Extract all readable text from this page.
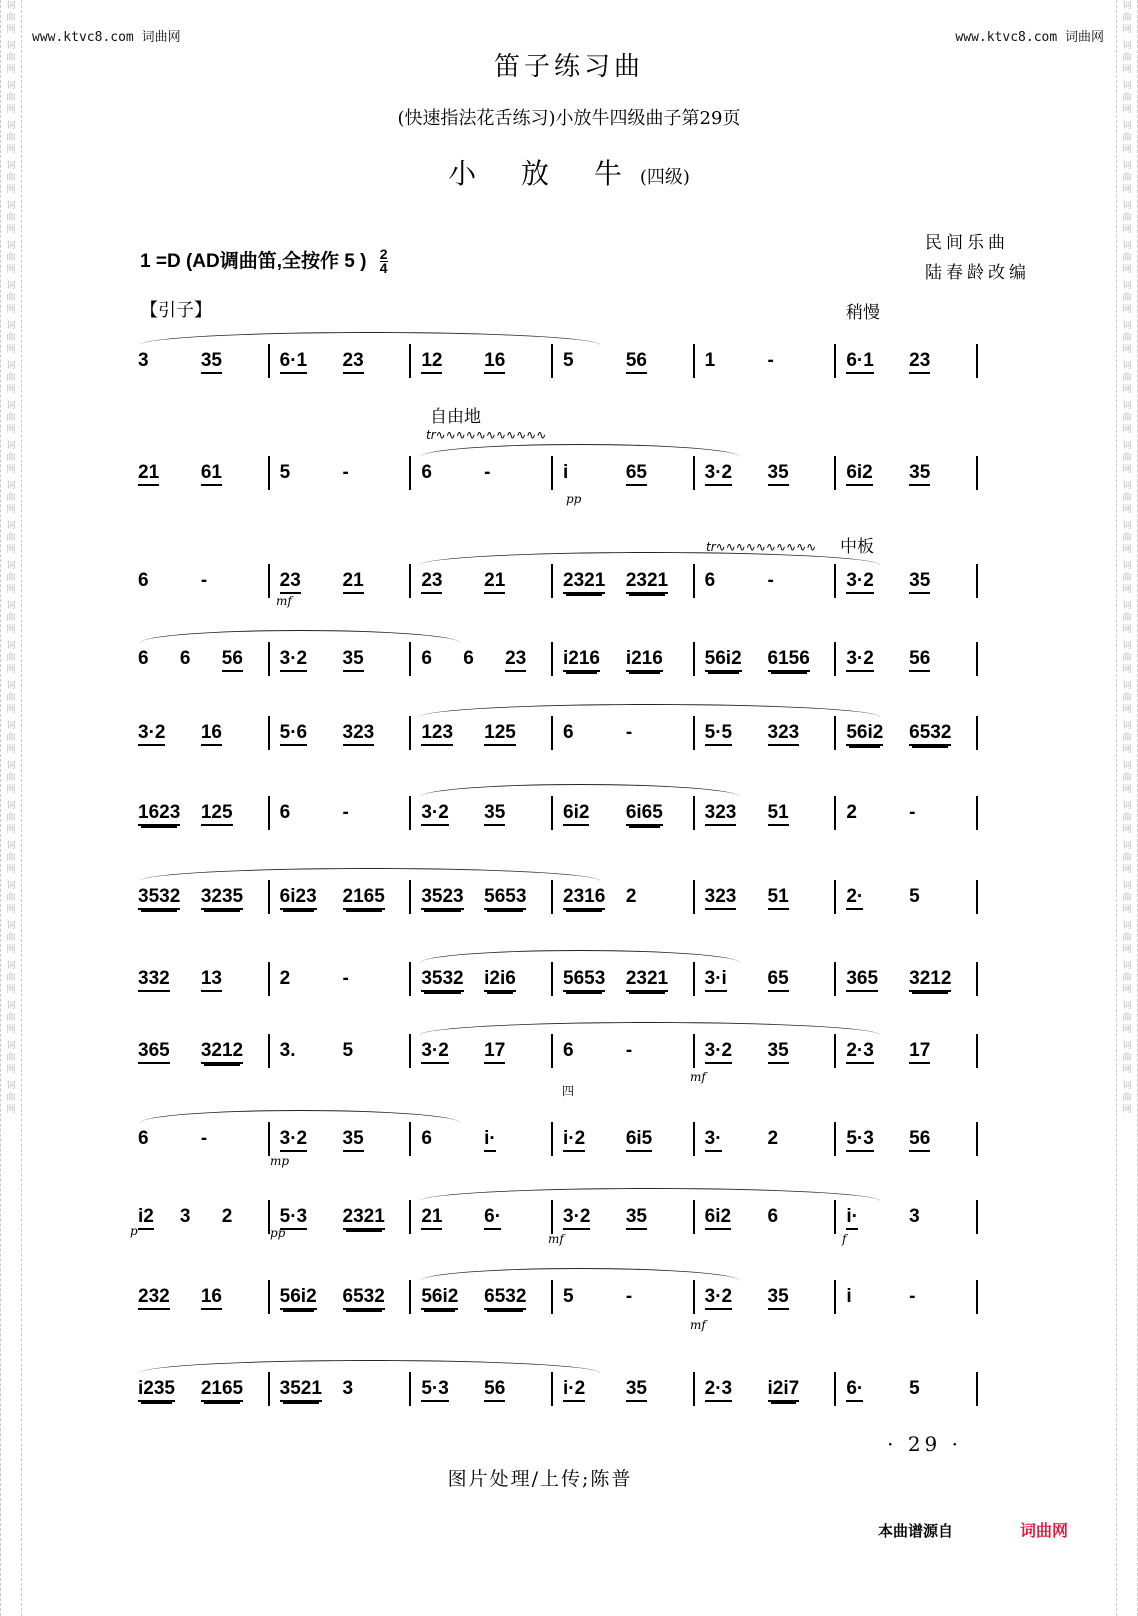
词
曲
网
词
曲
网
词
曲
网
词
曲
网
词
曲
网
词
曲
网
词
曲
网
词
曲
网
词
曲
网
词
曲
网
词
曲
网
词
曲
网
词
曲
网
词
曲
网
词
曲
网
词
曲
网
词
曲
网
词
曲
网
词
曲
网
词
曲
网
词
曲
网
词
曲
网
词
曲
网
词
曲
网
词
曲
网
词
曲
网
词
曲
网
词
曲
网
词
曲
网
词
曲
网
词
曲
网
词
曲
网
词
曲
网
词
曲
网
词
曲
网
词
曲
网
词
曲
网
词
曲
网
词
曲
网
词
曲
网
词
曲
网
词
曲
网
词
曲
网
词
曲
网
词
曲
网
词
曲
网
词
曲
网
词
曲
网
词
曲
网
词
曲
网
词
曲
网
词
曲
网
词
曲
网
词
曲
网
词
曲
网
词
曲
网
www.ktvc8.com 词曲网	www.ktvc8.com 词曲网
笛子练习曲
(快速指法花舌练习)小放牛四级曲子第29页
小 放 牛(四级)
民间乐曲
陆春龄改编
1 =D (AD调曲笛,全按作 5 ) $\frac{2}{4}$
【引子】	稍慢
自由地
中板
tr∿∿∿∿∿∿∿∿∿∿∿
tr∿∿∿∿∿∿∿∿∿∿
四
pp
mf
mf
mp
p	pp	mf	f
mf
3	35	6·1 23	12 16	5	56	1	-	6·1 23
21 61	5	-	6	-	i	65	3·2 35	6i2 35
6	-	23 21	23 21	2321 2321 6	-	3·2 35
6 6 56 3·2 35	6 6 23 i216 i216 56i2 6156 3·2 56
3·2 16	5·6 323 123 125 6	-	5·5 323 56i2 6532
1623 125 6	-	3·2 35	6i2 6i65 323 51	2	-
3532 3235 6i23 2165 3523 5653 2316 2	323 51	2· 5
332 13	2	-	3532 i2i6 5653 2321 3·i 65	365 3212
365 3212 3. 5	3·2 17	6	-	3·2 35	2·3 17
6	-	3·2 35	6	i·	i·2 6i5	3· 2	5·3 56
i2 3 2 5·3 2321 21 6·	3·2 35	6i2 6	i·	3
232 16	56i2 6532 56i2 6532 5	-	3·2 35	i	-
i235 2165 3521 3	5·3 56	i·2 35	2·3 i2i7 6· 5
· 29 ·
图片处理/上传;陈普
本曲谱源自	词曲网
